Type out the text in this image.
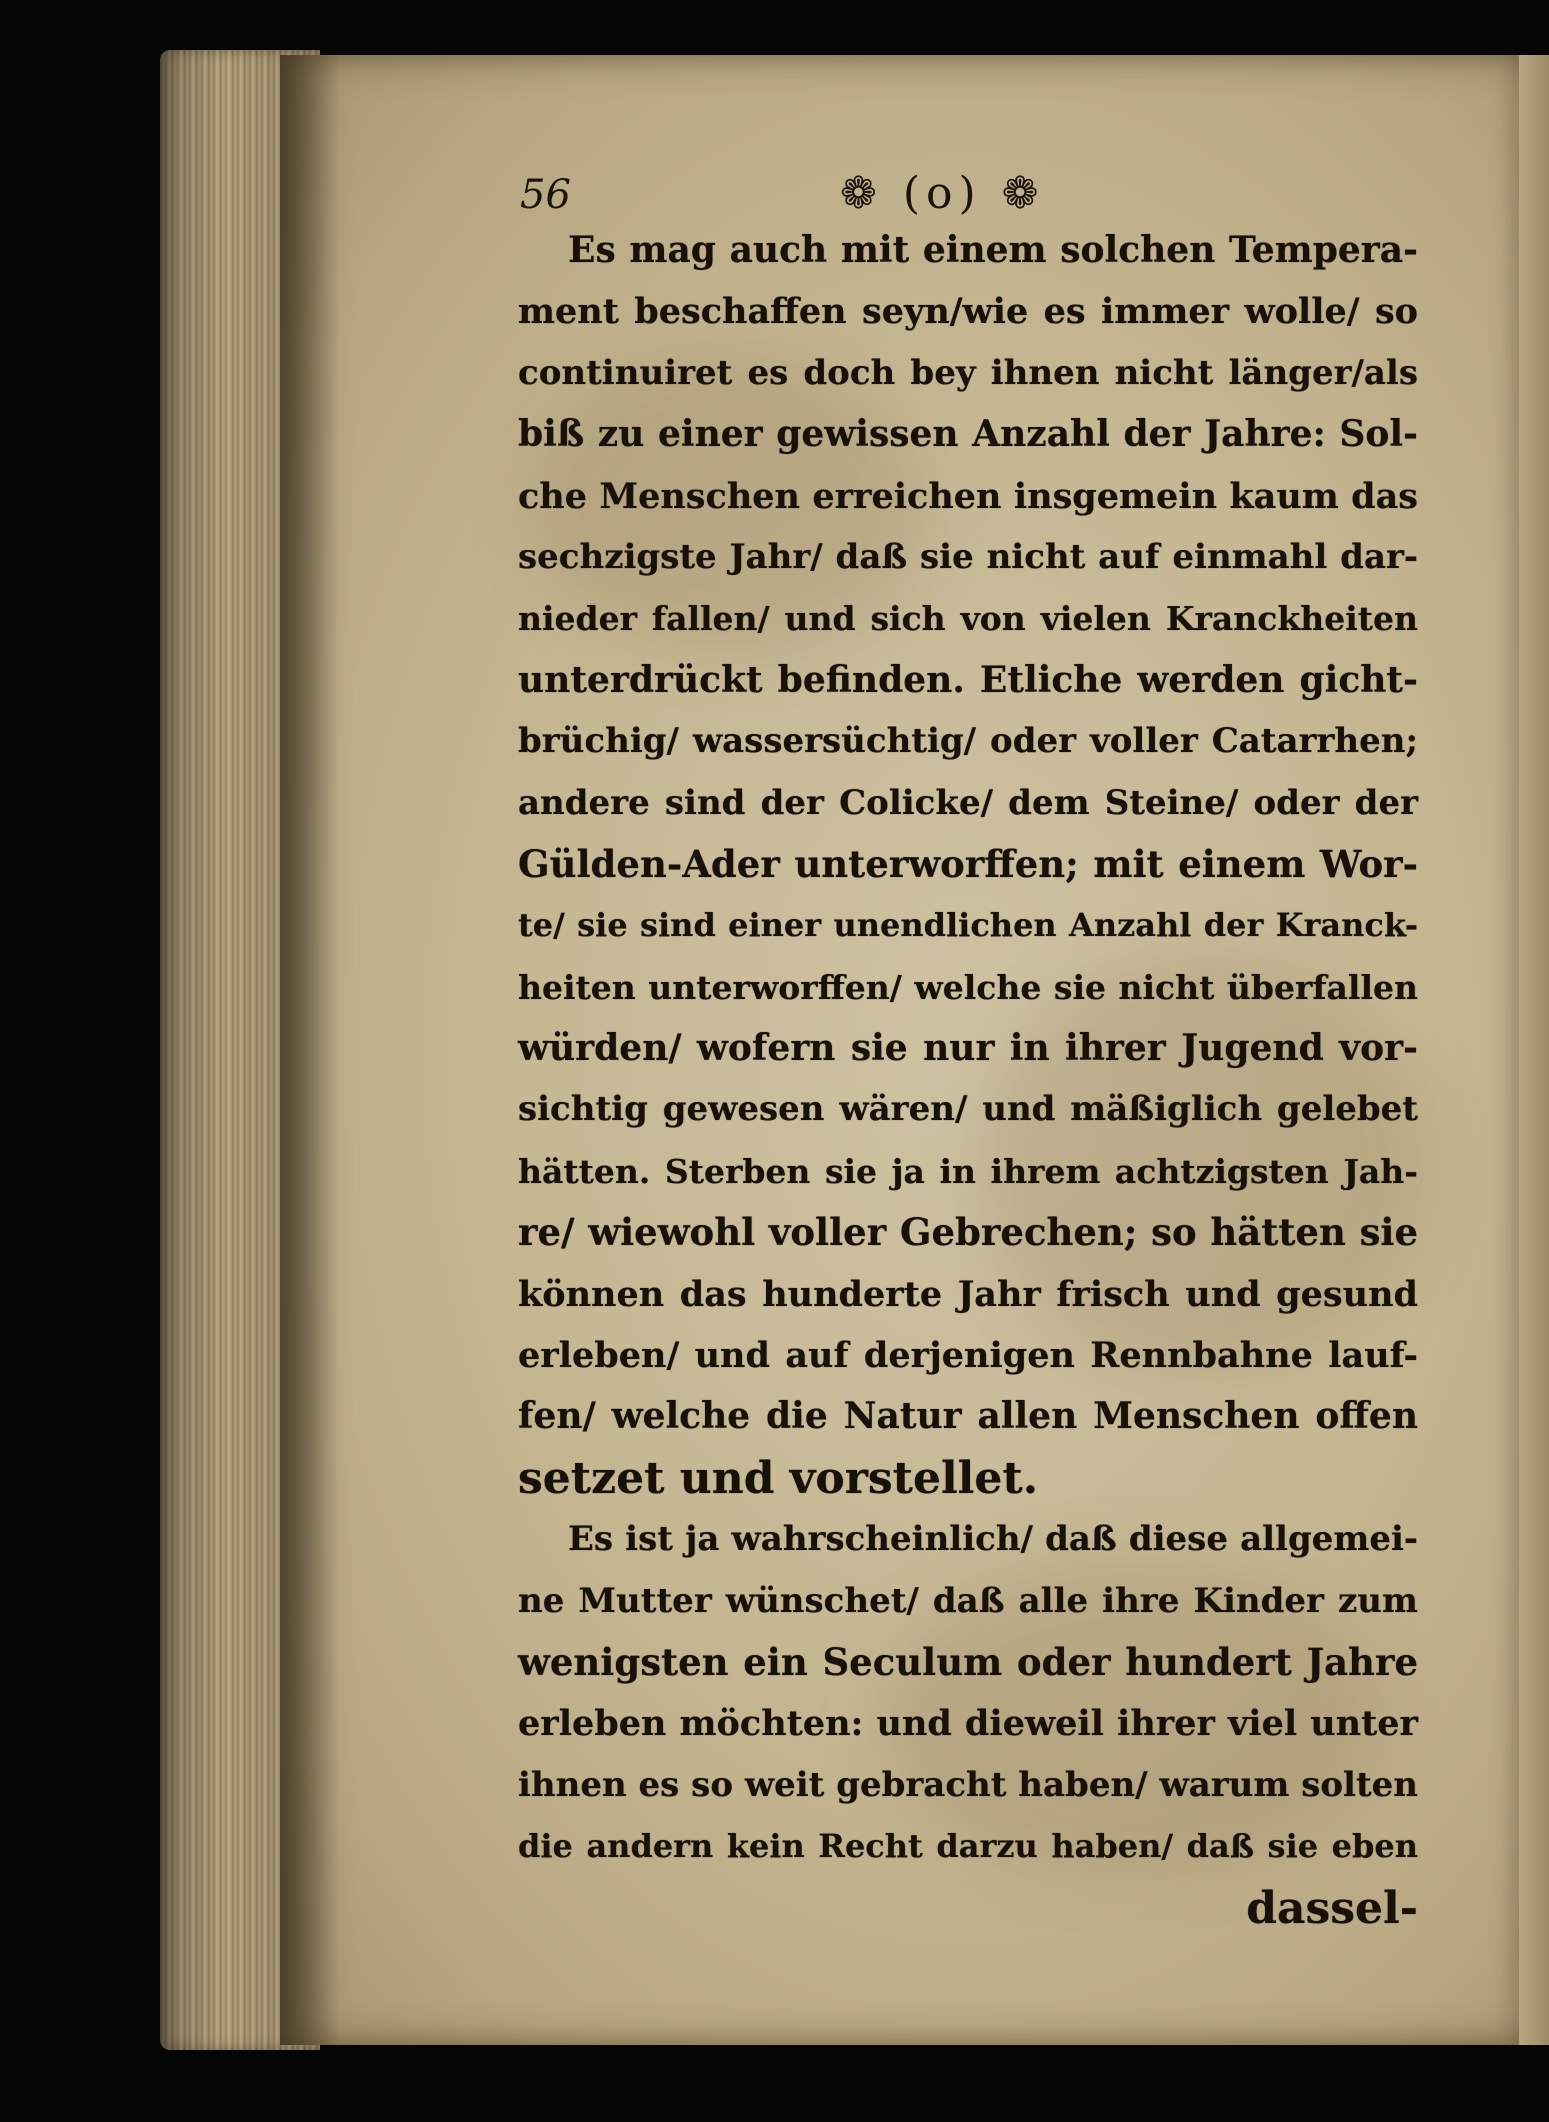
56	❁ (o) ❁
Es mag auch mit einem solchen Tempera-
ment beschaffen seyn/wie es immer wolle/ so
continuiret es doch bey ihnen nicht länger/als
biß zu einer gewissen Anzahl der Jahre: Sol-
che Menschen erreichen insgemein kaum das
sechzigste Jahr/ daß sie nicht auf einmahl dar-
nieder fallen/ und sich von vielen Kranckheiten
unterdrückt befinden. Etliche werden gicht-
brüchig/ wassersüchtig/ oder voller Catarrhen;
andere sind der Colicke/ dem Steine/ oder der
Gülden-Ader unterworffen; mit einem Wor-
te/ sie sind einer unendlichen Anzahl der Kranck-
heiten unterworffen/ welche sie nicht überfallen
würden/ wofern sie nur in ihrer Jugend vor-
sichtig gewesen wären/ und mäßiglich gelebet
hätten. Sterben sie ja in ihrem achtzigsten Jah-
re/ wiewohl voller Gebrechen; so hätten sie
können das hunderte Jahr frisch und gesund
erleben/ und auf derjenigen Rennbahne lauf-
fen/ welche die Natur allen Menschen offen
setzet und vorstellet.
Es ist ja wahrscheinlich/ daß diese allgemei-
ne Mutter wünschet/ daß alle ihre Kinder zum
wenigsten ein Seculum oder hundert Jahre
erleben möchten: und dieweil ihrer viel unter
ihnen es so weit gebracht haben/ warum solten
die andern kein Recht darzu haben/ daß sie eben
dassel-
